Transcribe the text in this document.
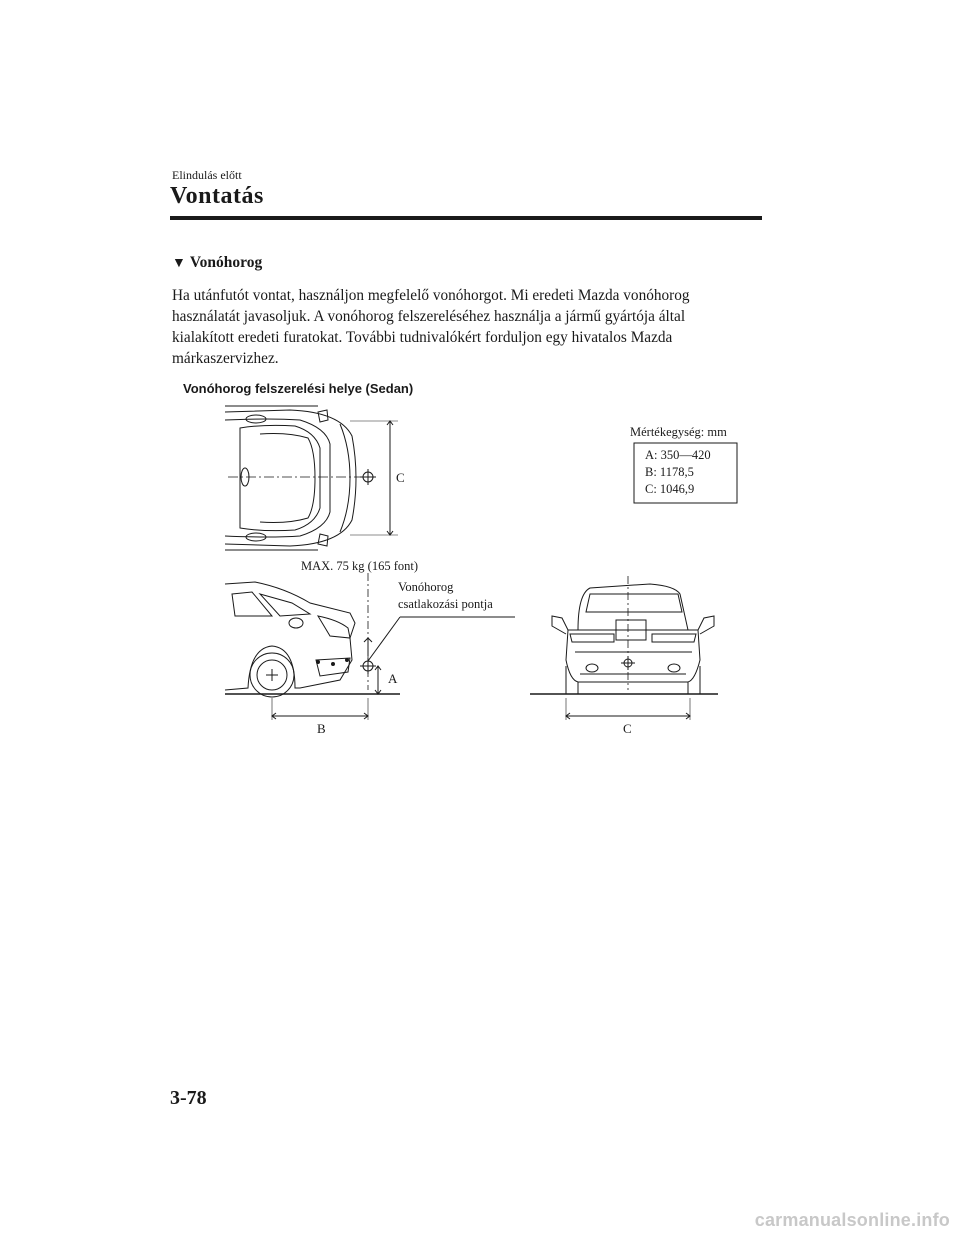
Elindulás előtt
Vontatás
▼ Vonóhorog
Ha utánfutót vontat, használjon megfelelő vonóhorgot. Mi eredeti Mazda vonóhorog
használatát javasoljuk. A vonóhorog felszereléséhez használja a jármű gyártója által
kialakított eredeti furatokat. További tudnivalókért forduljon egy hivatalos Mazda
márkaszervizhez.
Vonóhorog felszerelési helye (Sedan)
C
Mértékegység: mm
A: 350—420
B: 1178,5
C: 1046,9
MAX. 75 kg (165 font)
Vonóhorog
csatlakozási pontja
A
B	C
3-78
carmanualsonline.info
